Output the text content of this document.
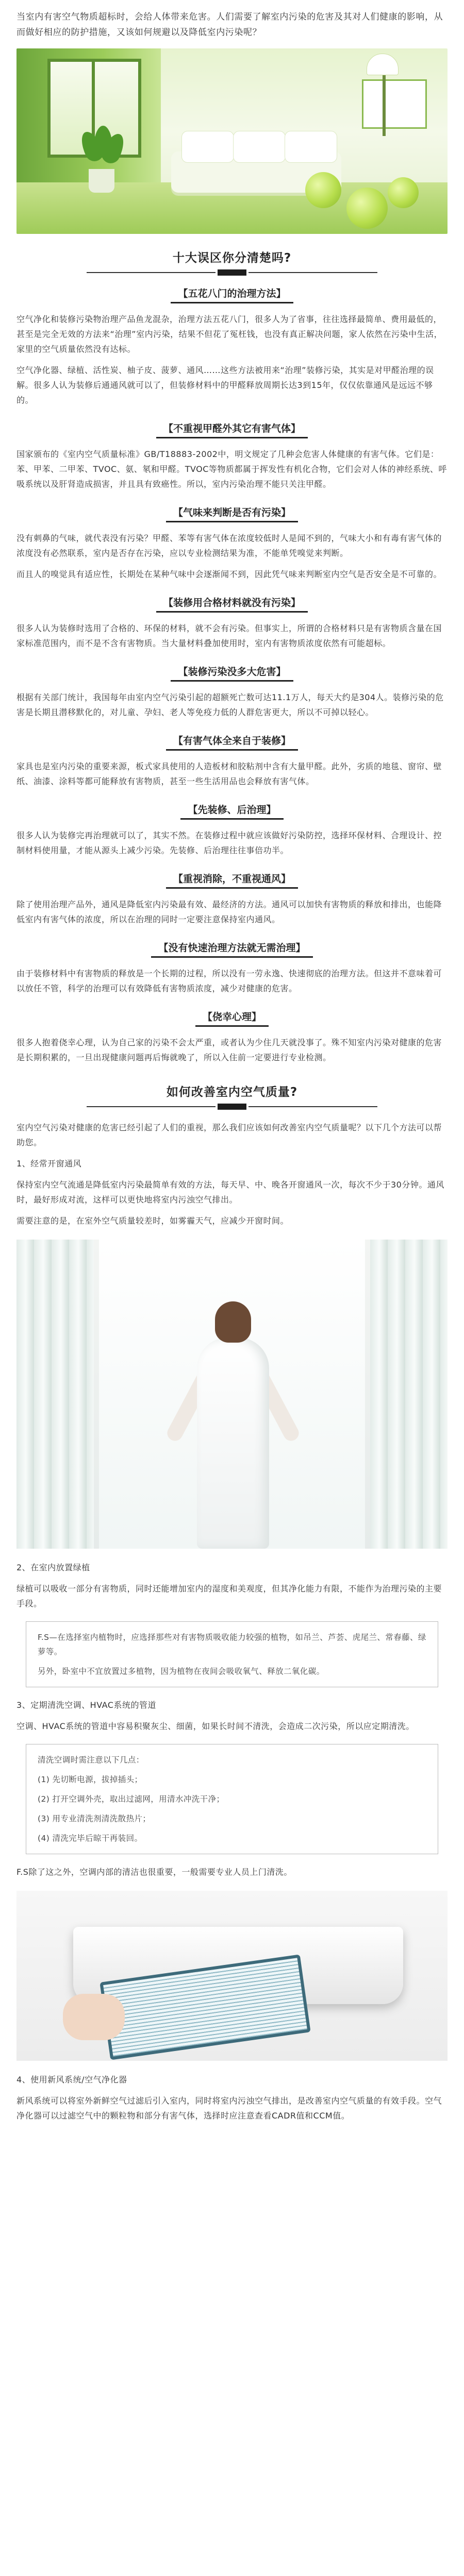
当室内有害空气物质超标时，会给人体带来危害。人们需要了解室内污染的危害及其对人们健康的影响，从而做好相应的防护措施，又该如何规避以及降低室内污染呢？
十大误区你分清楚吗?
【五花八门的治理方法】
空气净化和装修污染物治理产品鱼龙混杂，治理方法五花八门，很多人为了省事，往往选择最简单、费用最低的，甚至是完全无效的方法来“治理”室内污染，结果不但花了冤枉钱，也没有真正解决问题，家人依然在污染中生活，家里的空气质量依然没有达标。
空气净化器、绿植、活性炭、柚子皮、菠萝、通风……这些方法被用来“治理”装修污染，其实是对甲醛治理的误解。很多人认为装修后通通风就可以了，但装修材料中的甲醛释放周期长达3到15年，仅仅依靠通风是远远不够的。
【不重视甲醛外其它有害气体】
国家颁布的《室内空气质量标准》GB/T18883-2002中，明文规定了几种会危害人体健康的有害气体。它们是：苯、甲苯、二甲苯、TVOC、氨、氡和甲醛。TVOC等物质都属于挥发性有机化合物，它们会对人体的神经系统、呼吸系统以及肝肾造成损害，并且具有致癌性。所以，室内污染治理不能只关注甲醛。
【气味来判断是否有污染】
没有刺鼻的气味，就代表没有污染？甲醛、苯等有害气体在浓度较低时人是闻不到的，气味大小和有毒有害气体的浓度没有必然联系，室内是否存在污染，应以专业检测结果为准，不能单凭嗅觉来判断。
而且人的嗅觉具有适应性，长期处在某种气味中会逐渐闻不到，因此凭气味来判断室内空气是否安全是不可靠的。
【装修用合格材料就没有污染】
很多人认为装修时选用了合格的、环保的材料，就不会有污染。但事实上，所谓的合格材料只是有害物质含量在国家标准范围内，而不是不含有害物质。当大量材料叠加使用时，室内有害物质浓度依然有可能超标。
【装修污染没多大危害】
根据有关部门统计，我国每年由室内空气污染引起的超额死亡数可达11.1万人，每天大约是304人。装修污染的危害是长期且潜移默化的，对儿童、孕妇、老人等免疫力低的人群危害更大，所以不可掉以轻心。
【有害气体全来自于装修】
家具也是室内污染的重要来源，板式家具使用的人造板材和胶粘剂中含有大量甲醛。此外，劣质的地毯、窗帘、壁纸、油漆、涂料等都可能释放有害物质，甚至一些生活用品也会释放有害气体。
【先装修、后治理】
很多人认为装修完再治理就可以了，其实不然。在装修过程中就应该做好污染防控，选择环保材料、合理设计、控制材料使用量，才能从源头上减少污染。先装修、后治理往往事倍功半。
【重视消除，不重视通风】
除了使用治理产品外，通风是降低室内污染最有效、最经济的方法。通风可以加快有害物质的释放和排出，也能降低室内有害气体的浓度，所以在治理的同时一定要注意保持室内通风。
【没有快速治理方法就无需治理】
由于装修材料中有害物质的释放是一个长期的过程，所以没有一劳永逸、快速彻底的治理方法。但这并不意味着可以放任不管，科学的治理可以有效降低有害物质浓度，减少对健康的危害。
【侥幸心理】
很多人抱着侥幸心理，认为自己家的污染不会太严重，或者认为少住几天就没事了。殊不知室内污染对健康的危害是长期积累的，一旦出现健康问题再后悔就晚了，所以入住前一定要进行专业检测。
如何改善室内空气质量?
室内空气污染对健康的危害已经引起了人们的重视，那么我们应该如何改善室内空气质量呢？以下几个方法可以帮助您。
1、经常开窗通风
保持室内空气流通是降低室内污染最简单有效的方法，每天早、中、晚各开窗通风一次，每次不少于30分钟。通风时，最好形成对流，这样可以更快地将室内污浊空气排出。
需要注意的是，在室外空气质量较差时，如雾霾天气，应减少开窗时间。
2、在室内放置绿植
绿植可以吸收一部分有害物质，同时还能增加室内的湿度和美观度，但其净化能力有限，不能作为治理污染的主要手段。

F.S—在选择室内植物时，应选择那些对有害物质吸收能力较强的植物，如吊兰、芦荟、虎尾兰、常春藤、绿萝等。

另外，卧室中不宜放置过多植物，因为植物在夜间会吸收氧气、释放二氧化碳。

3、定期清洗空调、HVAC系统的管道
空调、HVAC系统的管道中容易积聚灰尘、细菌，如果长时间不清洗，会造成二次污染，所以应定期清洗。

清洗空调时需注意以下几点：

(1) 先切断电源，拔掉插头；

(2) 打开空调外壳，取出过滤网，用清水冲洗干净；

(3) 用专业清洗剂清洗散热片；

(4) 清洗完毕后晾干再装回。

F.S除了这之外，空调内部的清洁也很重要，一般需要专业人员上门清洗。
4、使用新风系统/空气净化器
新风系统可以将室外新鲜空气过滤后引入室内，同时将室内污浊空气排出，是改善室内空气质量的有效手段。空气净化器可以过滤空气中的颗粒物和部分有害气体，选择时应注意查看CADR值和CCM值。
